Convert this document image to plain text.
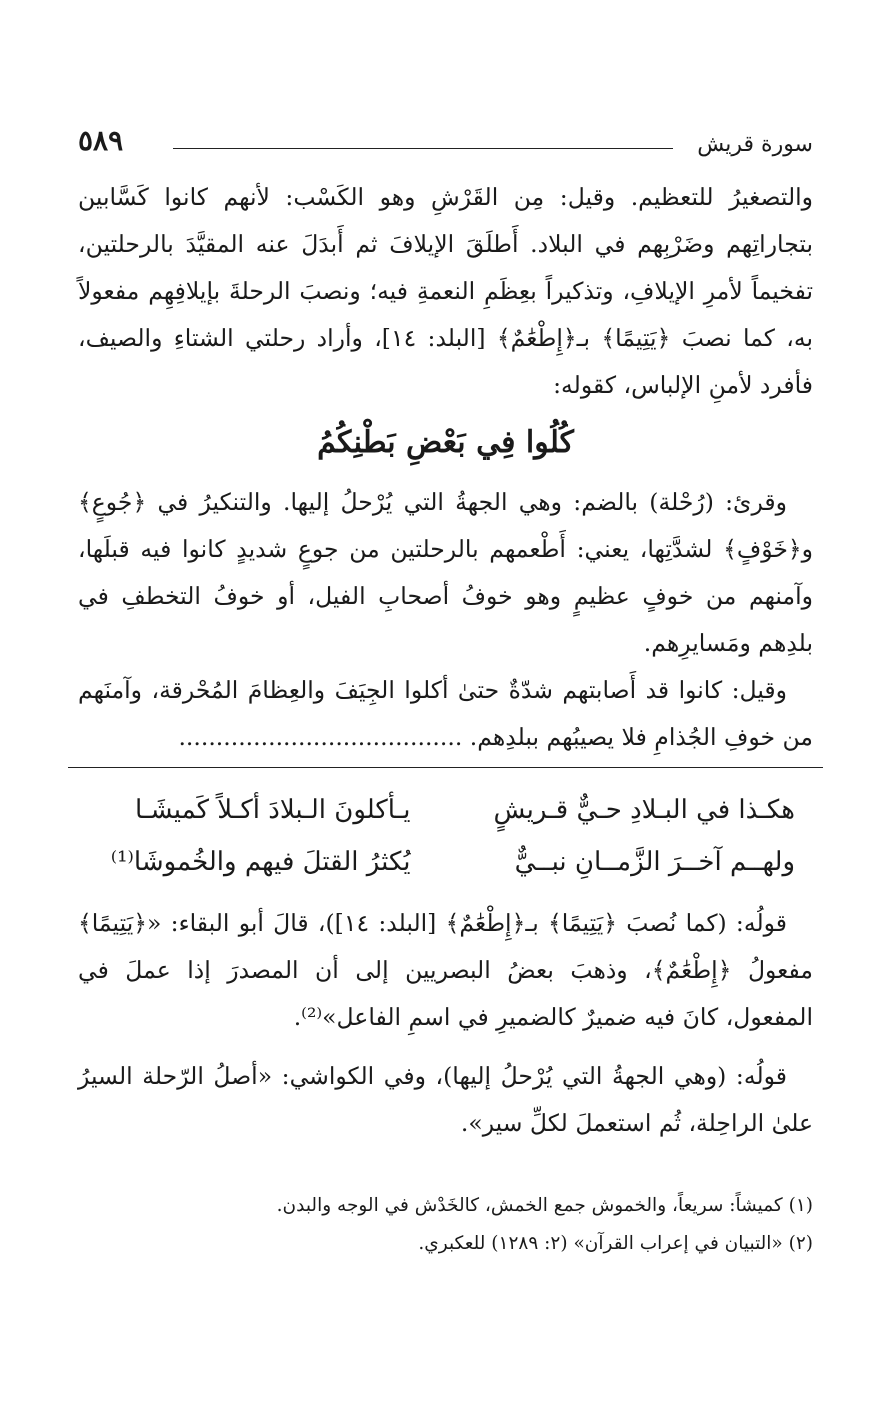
سورة قريش
٥٨٩

والتصغيرُ للتعظيم. وقيل: مِن القَرْشِ وهو الكَسْب: لأنهم كانوا كَسَّابين بتجاراتِهم وضَرْبِهم في البلاد. أَطلَقَ الإيلافَ ثم أَبدَلَ عنه المقيَّدَ بالرحلتين، تفخيماً لأمرِ الإيلافِ، وتذكيراً بعِظَمِ النعمةِ فيه؛ ونصبَ الرحلةَ بإيلافِهِم مفعولاً به، كما نصبَ ﴿يَتِيمًا﴾ بـ﴿إِطْعَٰمٌ﴾ [البلد: ١٤]، وأراد رحلتي الشتاءِ والصيف، فأفرد لأمنِ الإلباس، كقوله:

كُلُوا فِي بَعْضِ بَطْنِكُمُ

وقرئ: (رُحْلة) بالضم: وهي الجهةُ التي يُرْحلُ إليها. والتنكيرُ في ﴿جُوعٍ﴾ و﴿خَوْفٍ﴾ لشدَّتِها، يعني: أَطْعمهم بالرحلتين من جوعٍ شديدٍ كانوا فيه قبلَها، وآمنهم من خوفٍ عظيمٍ وهو خوفُ أصحابِ الفيل، أو خوفُ التخطفِ في بلدِهم ومَسايرِهم.

وقيل: كانوا قد أَصابتهم شدّةٌ حتىٰ أكلوا الجِيَفَ والعِظامَ المُحْرقة، وآمنَهم من خوفِ الجُذامِ فلا يصيبُهم ببلدِهم. ......................................

هكـذا في البـلادِ حـيٌّ قـريشٍ
يـأكلونَ الـبلادَ أكـلاً كَميشَـا
ولهــم آخــرَ الزَّمــانِ نبــيٌّ
يُكثرُ القتلَ فيهم والخُموشَا⁽¹⁾

قولُه: (كما نُصبَ ﴿يَتِيمًا﴾ بـ﴿إِطْعَٰمٌ﴾ [البلد: ١٤])، قالَ أبو البقاء: «﴿يَتِيمًا﴾ مفعولُ ﴿إِطْعَٰمٌ﴾، وذهبَ بعضُ البصريين إلى أن المصدرَ إذا عملَ في المفعول، كانَ فيه ضميرٌ كالضميرِ في اسمِ الفاعل»⁽²⁾.

قولُه: (وهي الجهةُ التي يُرْحلُ إليها)، وفي الكواشي: «أصلُ الرّحلة السيرُ علىٰ الراحِلة، ثُم استعملَ لكلِّ سير».

(١) كميشاً: سريعاً، والخموش جمع الخمش، كالخَدْش في الوجه والبدن.

(٢) «التبيان في إعراب القرآن» (٢: ١٢٨٩) للعكبري.
